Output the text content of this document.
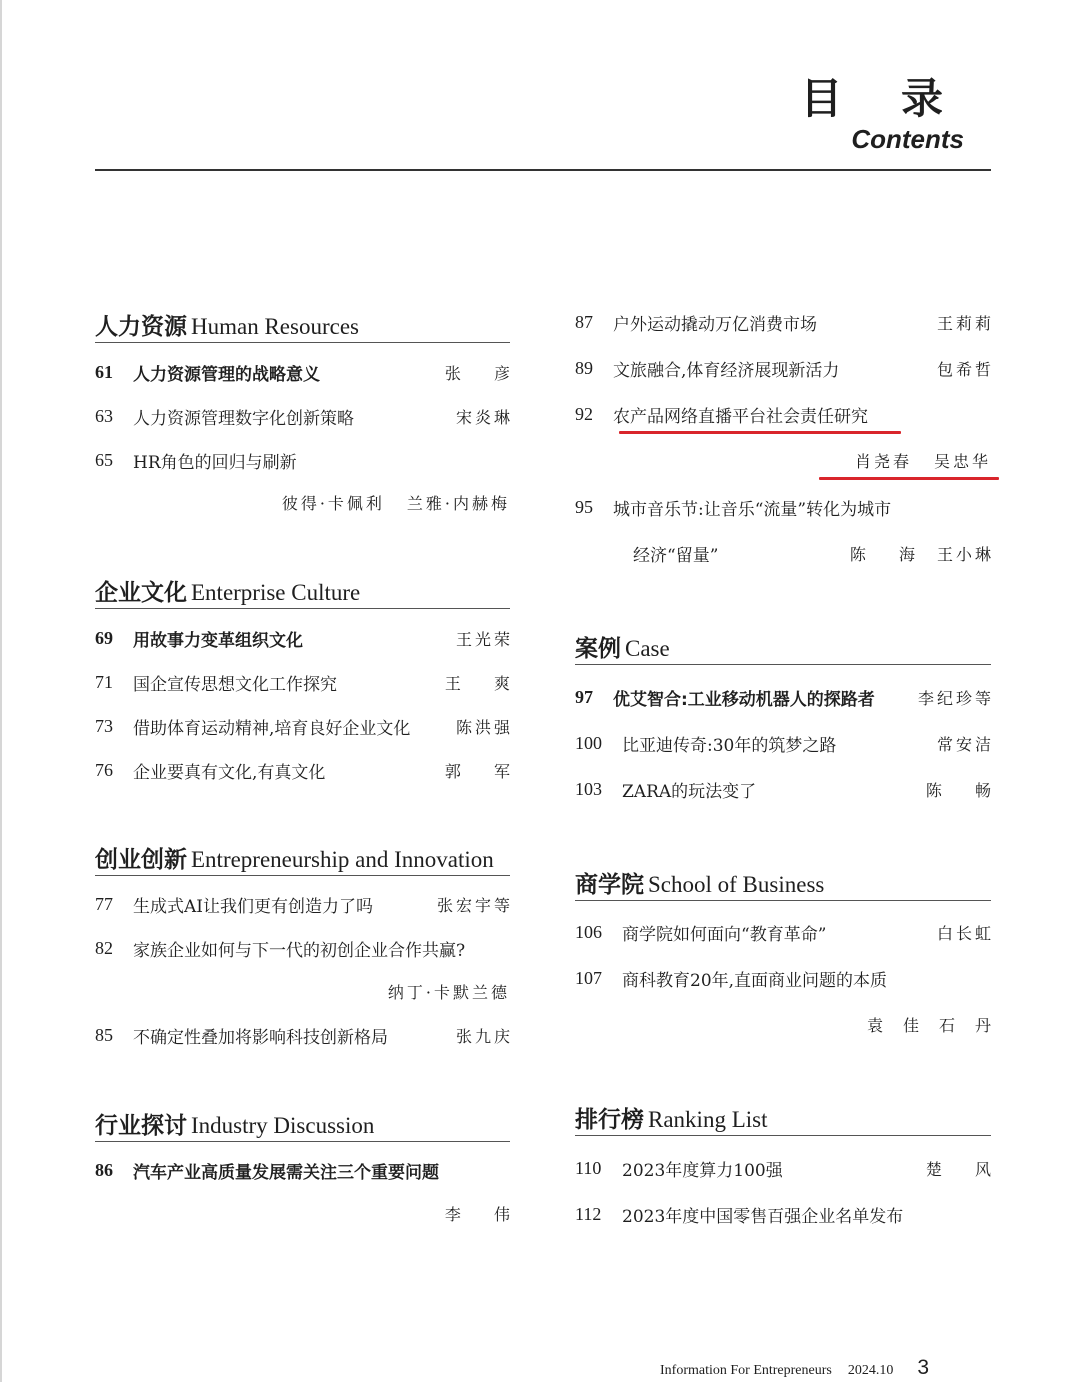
目 录
Contents
人力资源 Human Resources
61	人力资源管理的战略意义	张 彦
63	人力资源管理数字化创新策略	宋炎琳
65	HR角色的回归与刷新
彼得·卡佩利 兰雅·内赫梅
企业文化 Enterprise Culture
69	用故事力变革组织文化	王光荣
71	国企宣传思想文化工作探究	王 爽
73	借助体育运动精神,培育良好企业文化	陈洪强
76	企业要真有文化,有真文化	郭 军
创业创新 Entrepreneurship and Innovation
77	生成式AI让我们更有创造力了吗	张宏宇等
82	家族企业如何与下一代的初创企业合作共赢?
纳丁·卡默兰德
85	不确定性叠加将影响科技创新格局	张九庆
行业探讨 Industry Discussion
86	汽车产业高质量发展需关注三个重要问题
李 伟
87	户外运动撬动万亿消费市场	王莉莉
89	文旅融合,体育经济展现新活力	包希哲
92	农产品网络直播平台社会责任研究
肖尧春 吴忠华
95	城市音乐节:让音乐“流量”转化为城市
经济“留量”	陈 海 王小琳
案例 Case
97	优艾智合:工业移动机器人的探路者	李纪珍等
100	比亚迪传奇:30年的筑梦之路	常安洁
103	ZARA的玩法变了	陈 畅
商学院 School of Business
106	商学院如何面向“教育革命”	白长虹
107	商科教育20年,直面商业问题的本质
袁佳石丹
排行榜 Ranking List
110	2023年度算力100强	楚 风
112	2023年度中国零售百强企业名单发布
Information For Entrepreneurs 2024.10 3
